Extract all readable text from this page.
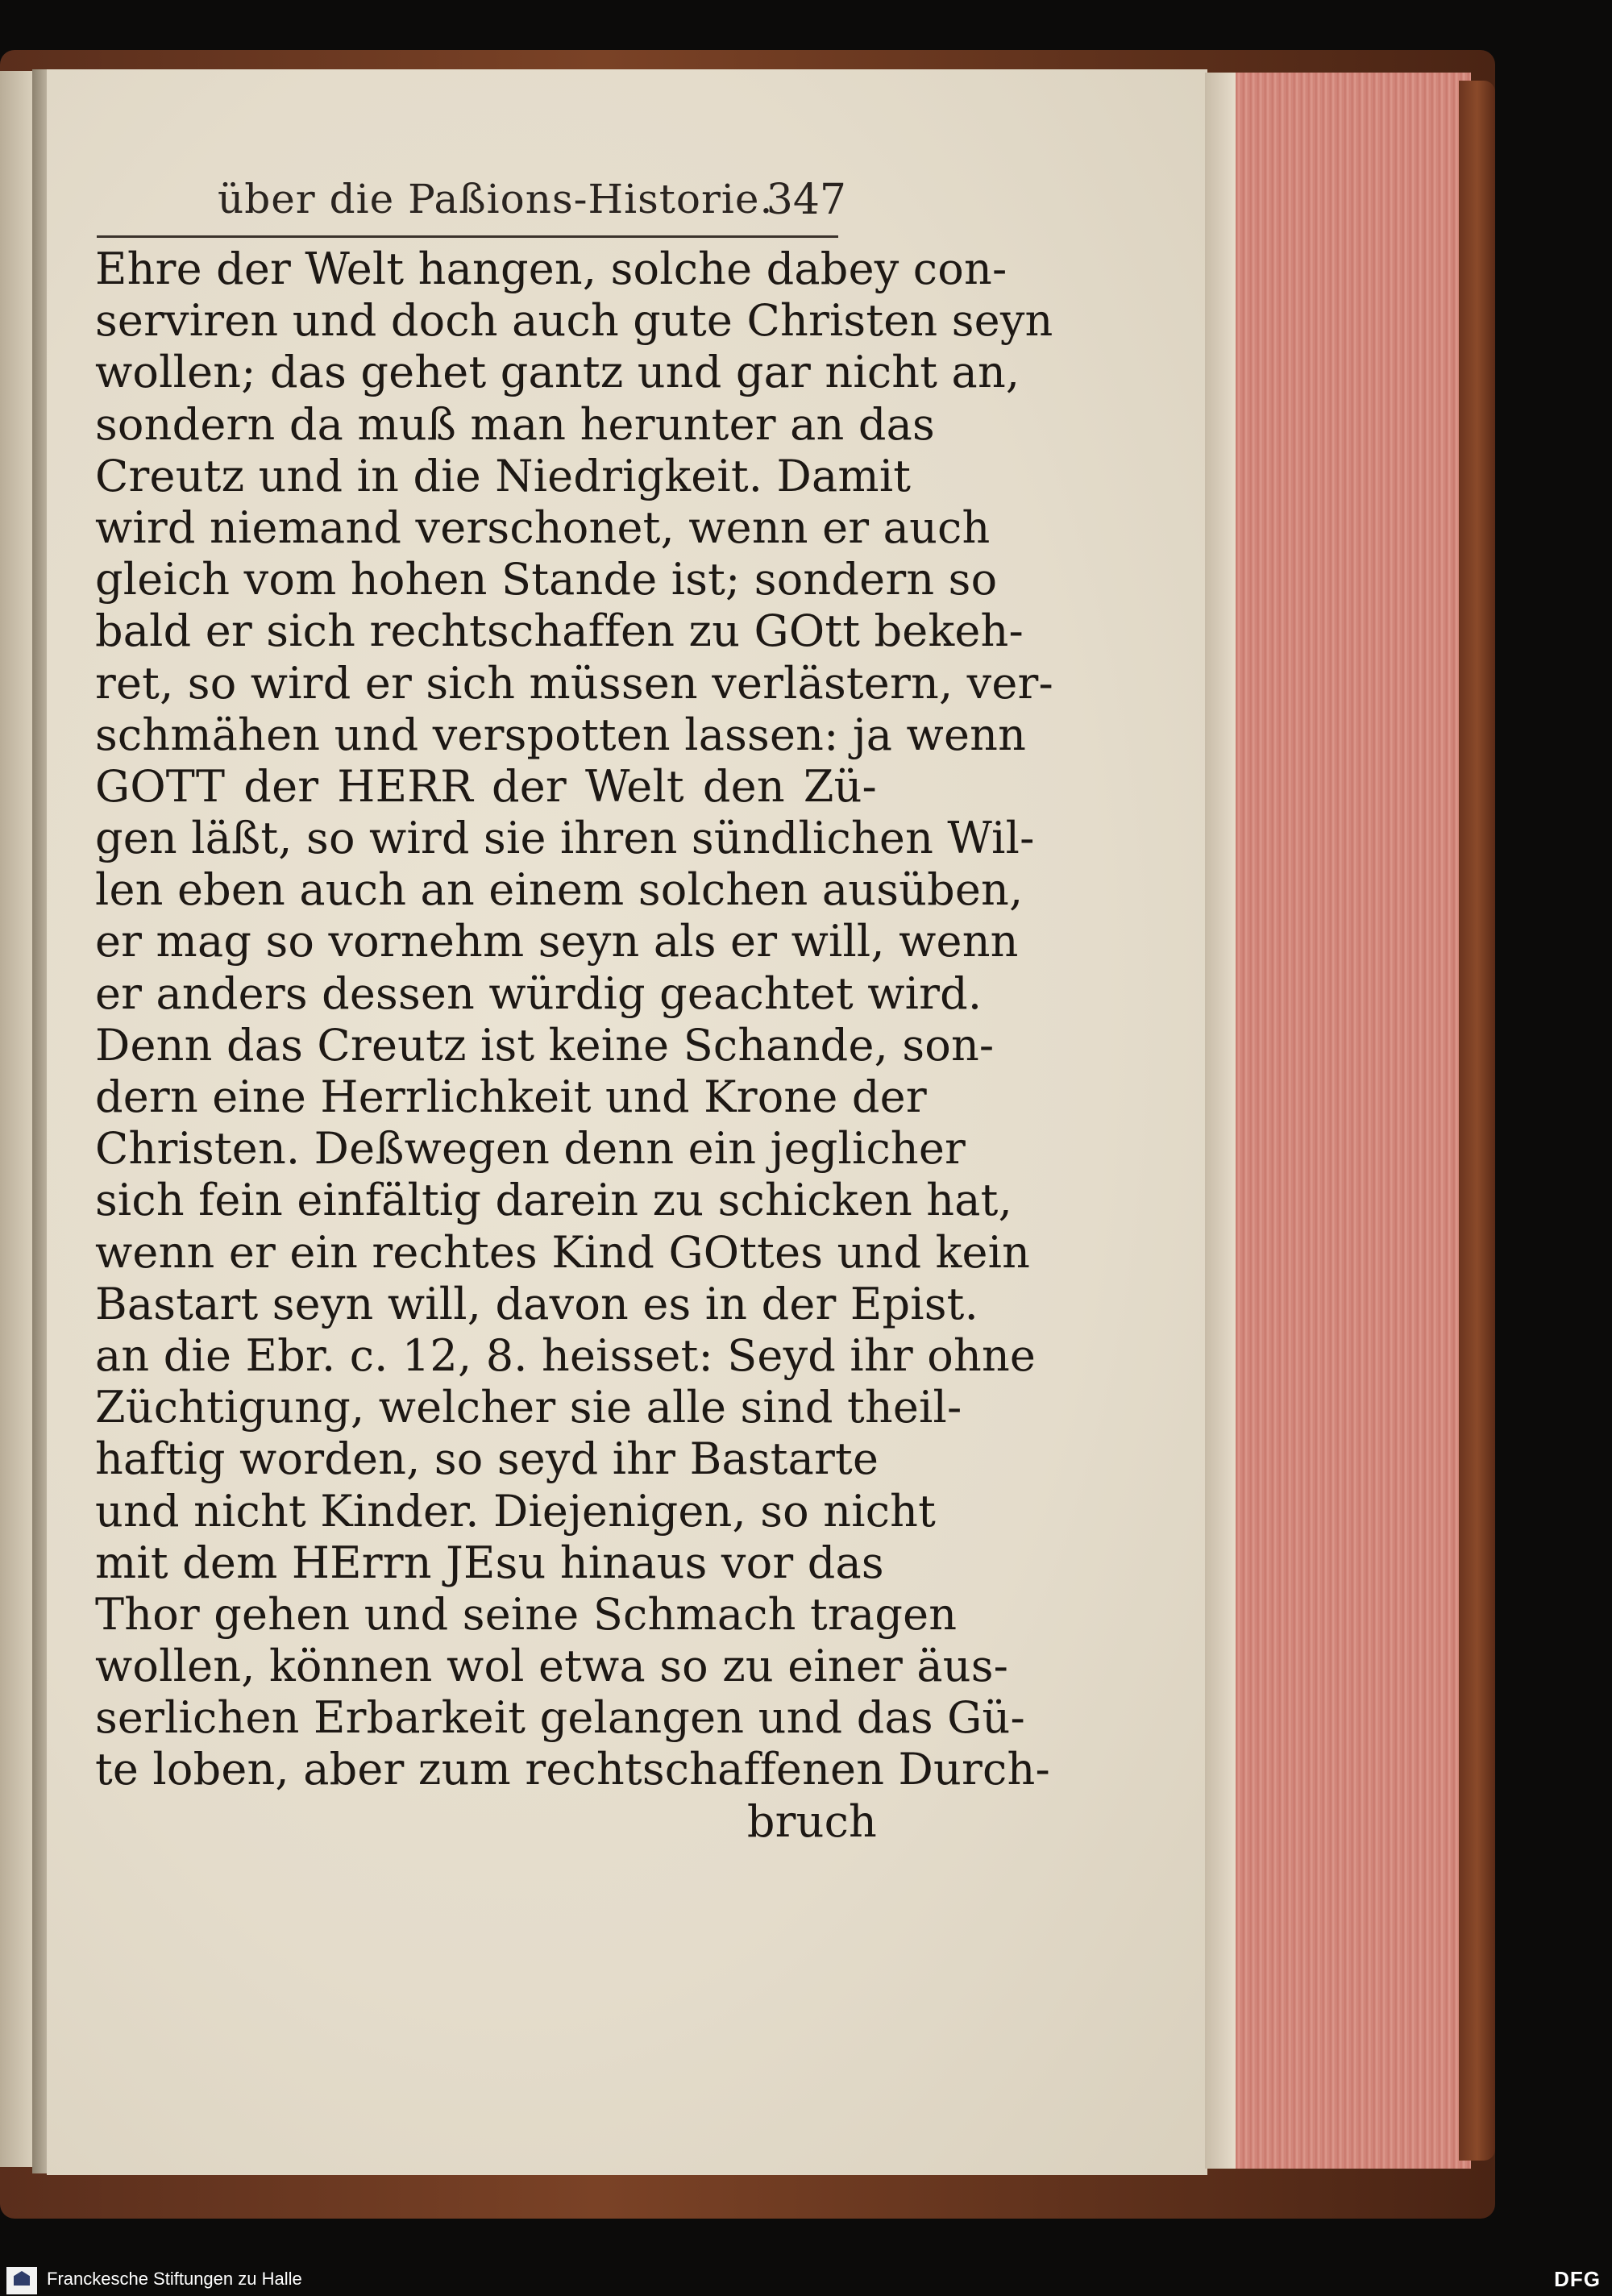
über die Paßions-Historie.
347
Ehre der Welt hangen, solche dabey con-
serviren und doch auch gute Christen seyn
wollen; das gehet gantz und gar nicht an,
sondern da muß man herunter an das
Creutz und in die Niedrigkeit. Damit
wird niemand verschonet, wenn er auch
gleich vom hohen Stande ist; sondern so
bald er sich rechtschaffen zu GOtt bekeh-
ret, so wird er sich müssen verlästern, ver-
schmähen und verspotten lassen: ja wenn
GOTT der HERR der Welt den Zü-
gen läßt, so wird sie ihren sündlichen Wil-
len eben auch an einem solchen ausüben,
er mag so vornehm seyn als er will, wenn
er anders dessen würdig geachtet wird.
Denn das Creutz ist keine Schande, son-
dern eine Herrlichkeit und Krone der
Christen. Deßwegen denn ein jeglicher
sich fein einfältig darein zu schicken hat,
wenn er ein rechtes Kind GOttes und kein
Bastart seyn will, davon es in der Epist.
an die Ebr. c. 12, 8. heisset: Seyd ihr ohne
Züchtigung, welcher sie alle sind theil-
haftig worden, so seyd ihr Bastarte
und nicht Kinder. Diejenigen, so nicht
mit dem HErrn JEsu hinaus vor das
Thor gehen und seine Schmach tragen
wollen, können wol etwa so zu einer äus-
serlichen Erbarkeit gelangen und das Gü-
te loben, aber zum rechtschaffenen Durch-
bruch
Franckesche Stiftungen zu Halle	DFG
